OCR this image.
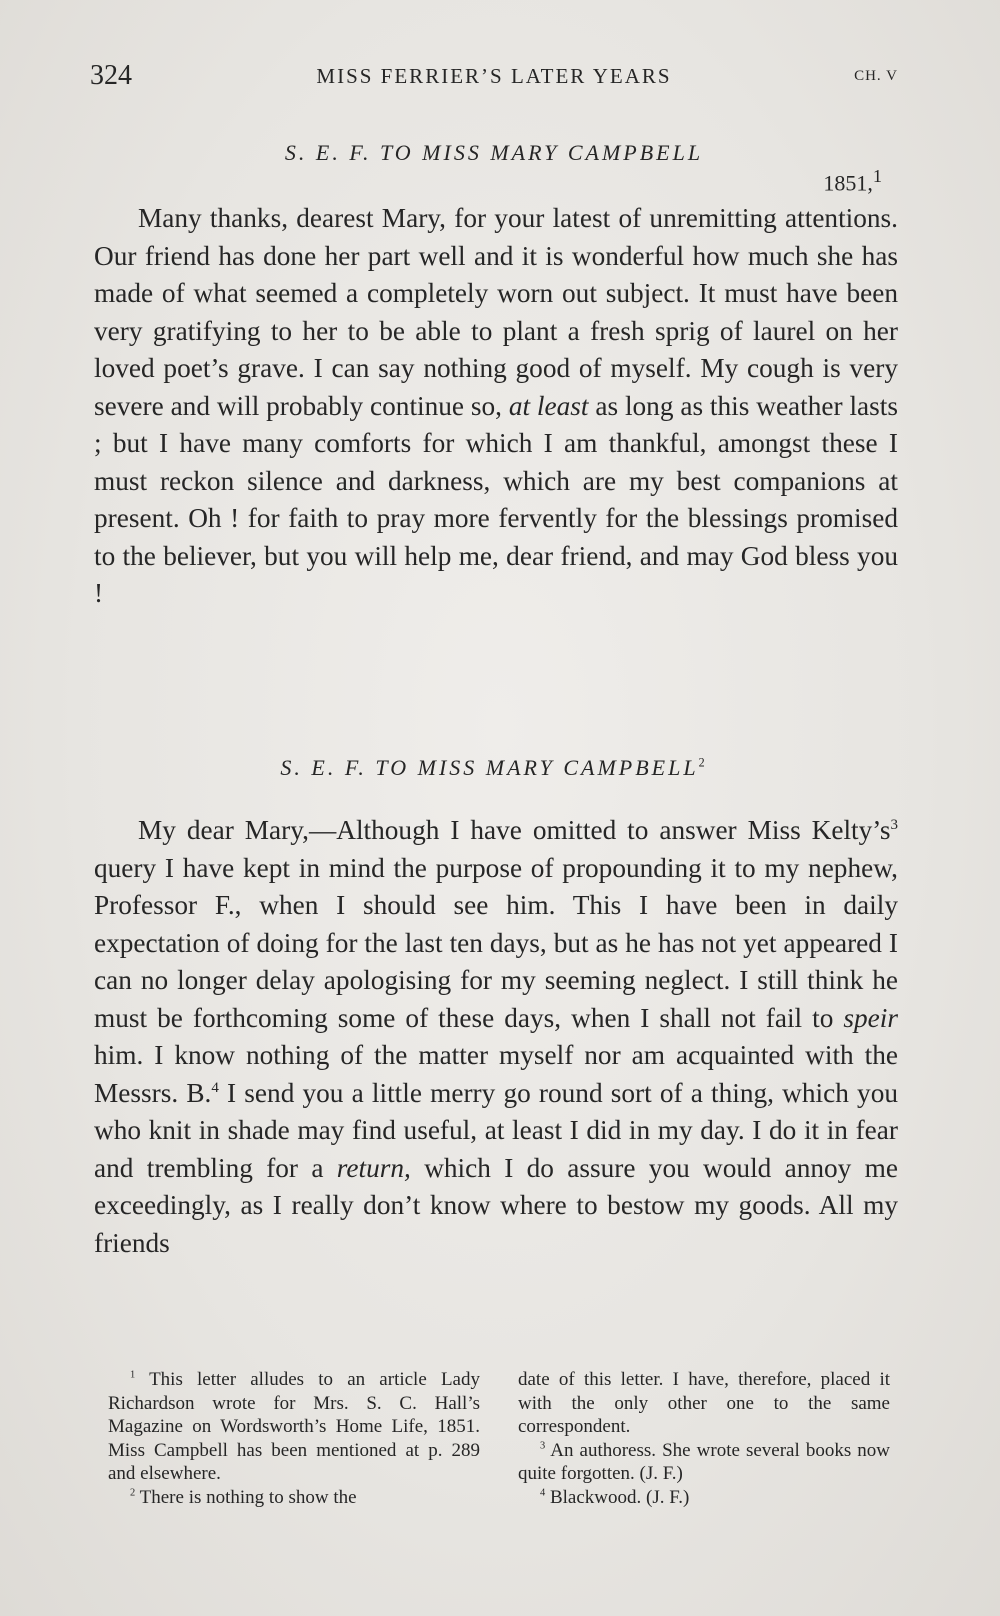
324	MISS FERRIER’S LATER YEARS	CH. V
S. E. F. TO MISS MARY CAMPBELL
1851,$^1$

Many thanks, dearest Mary, for your latest of unremitting attentions. Our friend has done her part well and it is wonderful how much she has made of what seemed a completely worn out subject. It must have been very gratifying to her to be able to plant a fresh sprig of laurel on her loved poet’s grave. I can say nothing good of myself. My cough is very severe and will probably continue so, at least as long as this weather lasts ; but I have many comforts for which I am thankful, amongst these I must reckon silence and darkness, which are my best companions at present. Oh ! for faith to pray more fervently for the blessings promised to the believer, but you will help me, dear friend, and may God bless you !

S. E. F. TO MISS MARY CAMPBELL$^2$

My dear Mary,—Although I have omitted to answer Miss $Kelty’s^3$ query I have kept in mind the purpose of propounding it to my nephew, Professor F., when I should see him. This I have been in daily expectation of doing for the last ten days, but as he has not yet appeared I can no longer delay apologising for my seeming neglect. I still think he must be forthcoming some of these days, when I shall not fail to speir him. I know nothing of the matter myself nor am acquainted with the Messrs. B.$^4$ I send you a little merry go round sort of a thing, which you who knit in shade may find useful, at least I did in my day. I do it in fear and trembling for a return, which I do assure you would annoy me exceedingly, as I really don’t know where to bestow my goods. All my friends

$^1$ This letter alludes to an article Lady Richardson wrote for Mrs. S. C. Hall’s Magazine on Wordsworth’s Home Life, 1851. Miss Campbell has been mentioned at p. 289 and elsewhere.

$^2$ There is nothing to show the

date of this letter. I have, therefore, placed it with the only other one to the same correspondent.

$^3$ An authoress. She wrote several books now quite forgotten. (J. F.)

$^4$ Blackwood. (J. F.)
